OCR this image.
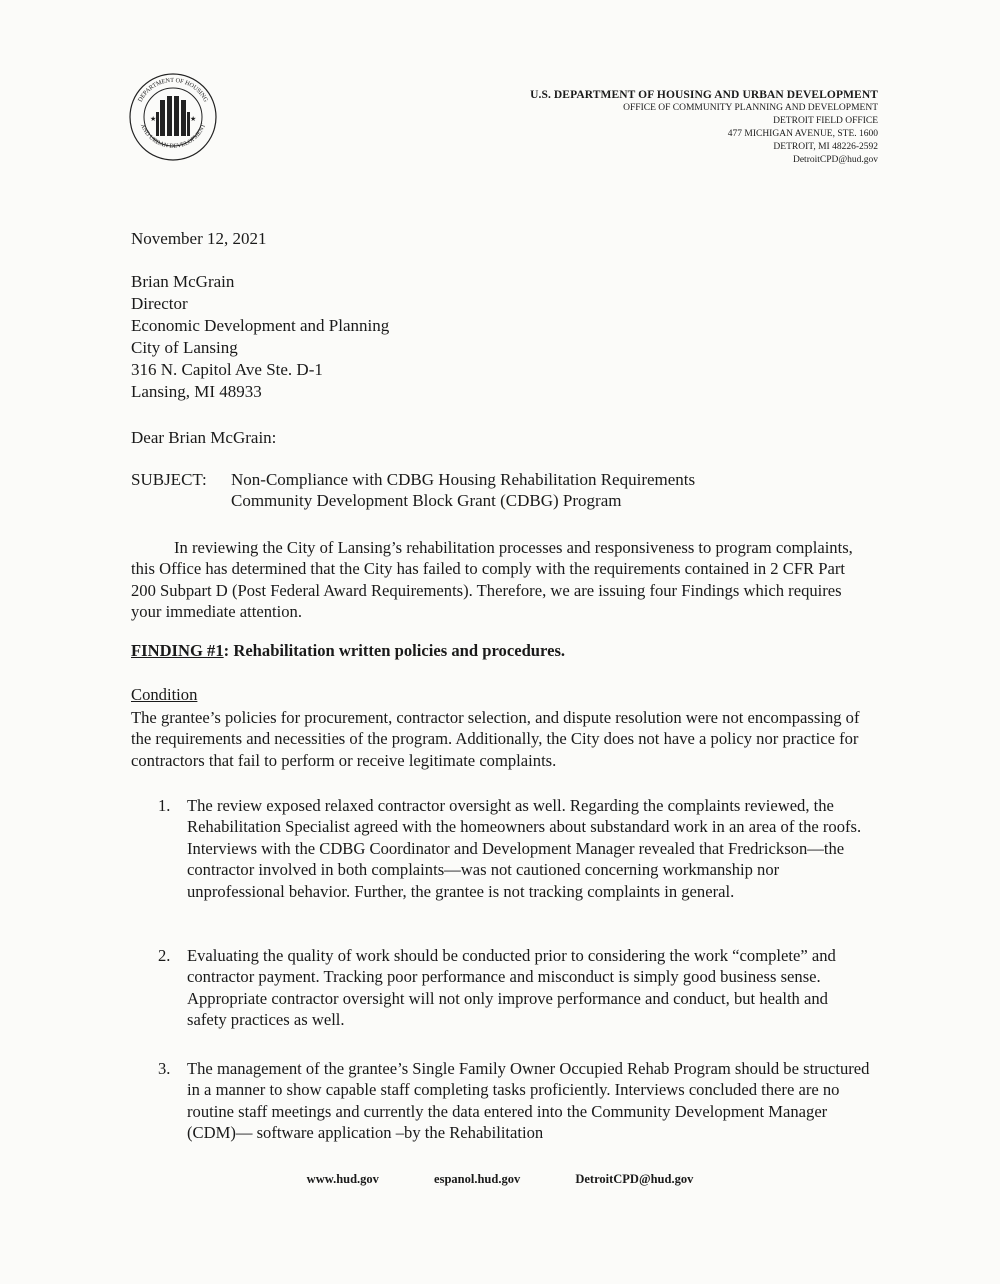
DEPARTMENT OF HOUSING
AND URBAN DEVELOPMENT
★	★
U.S. DEPARTMENT OF HOUSING AND URBAN DEVELOPMENT
OFFICE OF COMMUNITY PLANNING AND DEVELOPMENT
DETROIT FIELD OFFICE
477 MICHIGAN AVENUE, STE. 1600
DETROIT, MI 48226-2592
DetroitCPD@hud.gov
November 12, 2021
Brian McGrain
Director
Economic Development and Planning
City of Lansing
316 N. Capitol Ave Ste. D-1
Lansing, MI 48933
Dear Brian McGrain:
SUBJECT: Non-Compliance with CDBG Housing Rehabilitation Requirements
Community Development Block Grant (CDBG) Program
In reviewing the City of Lansing’s rehabilitation processes and responsiveness to program complaints, this Office has determined that the City has failed to comply with the requirements contained in 2 CFR Part 200 Subpart D (Post Federal Award Requirements). Therefore, we are issuing four Findings which requires your immediate attention.
FINDING #1: Rehabilitation written policies and procedures.
Condition
The grantee’s policies for procurement, contractor selection, and dispute resolution were not encompassing of the requirements and necessities of the program. Additionally, the City does not have a policy nor practice for contractors that fail to perform or receive legitimate complaints.
1. The review exposed relaxed contractor oversight as well. Regarding the complaints reviewed, the Rehabilitation Specialist agreed with the homeowners about substandard work in an area of the roofs. Interviews with the CDBG Coordinator and Development Manager revealed that Fredrickson—the contractor involved in both complaints—was not cautioned concerning workmanship nor unprofessional behavior. Further, the grantee is not tracking complaints in general.
2. Evaluating the quality of work should be conducted prior to considering the work “complete” and contractor payment. Tracking poor performance and misconduct is simply good business sense. Appropriate contractor oversight will not only improve performance and conduct, but health and safety practices as well.
3. The management of the grantee’s Single Family Owner Occupied Rehab Program should be structured in a manner to show capable staff completing tasks proficiently. Interviews concluded there are no routine staff meetings and currently the data entered into the Community Development Manager (CDM)— software application –by the Rehabilitation
www.hud.gov	espanol.hud.gov	DetroitCPD@hud.gov
